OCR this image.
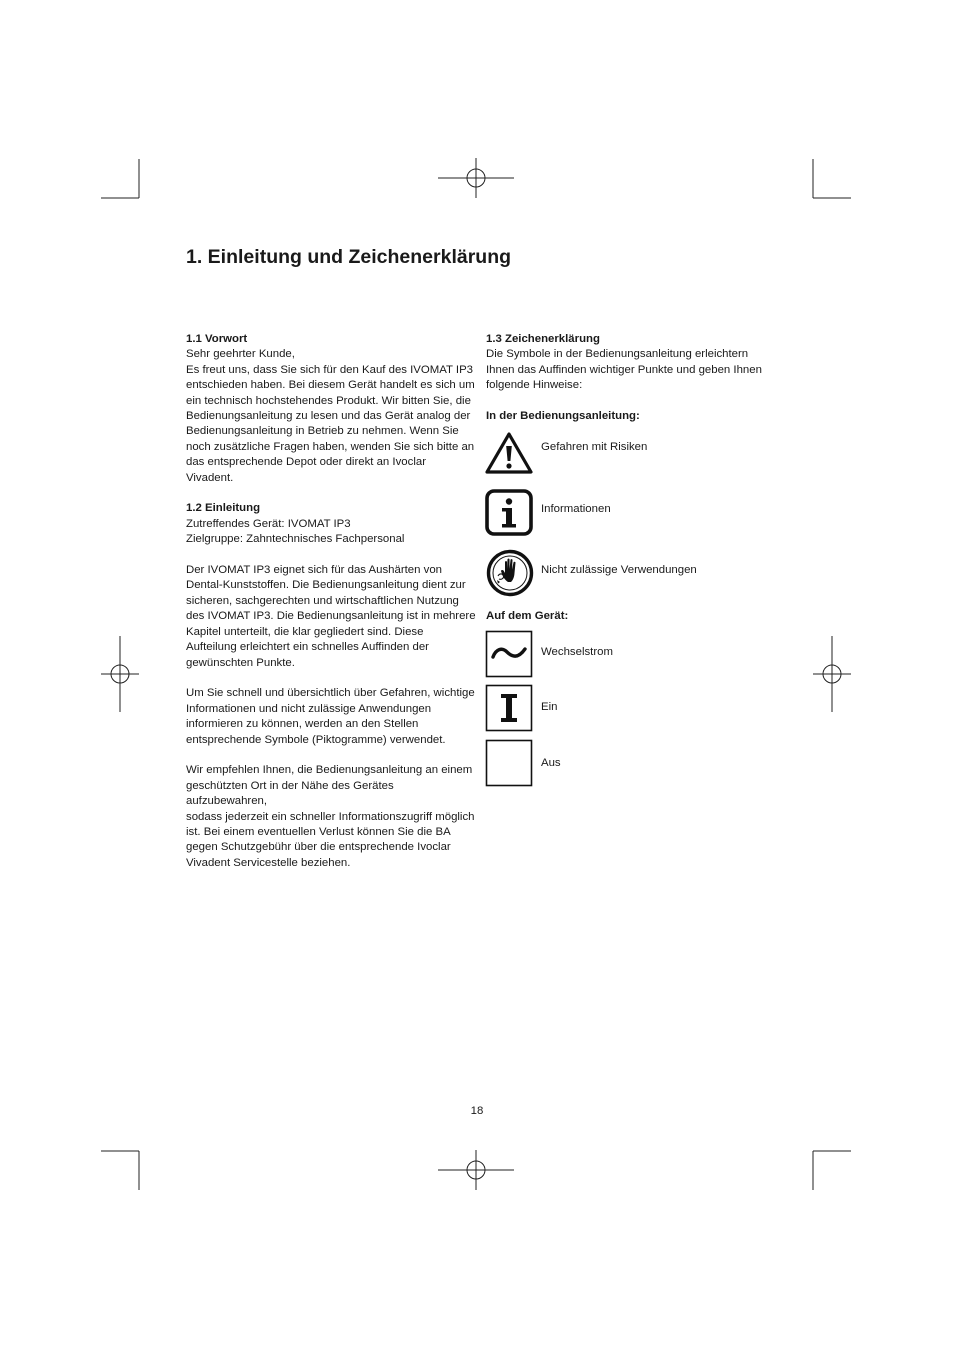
1. Einleitung und Zeichenerklärung

1.1 Vorwort

Sehr geehrter Kunde,

Es freut uns, dass Sie sich für den Kauf des IVOMAT IP3

entschieden haben. Bei diesem Gerät handelt es sich um

ein technisch hochstehendes Produkt. Wir bitten Sie, die

Bedienungsanleitung zu lesen und das Gerät analog der

Bedienungsanleitung in Betrieb zu nehmen. Wenn Sie

noch zusätzliche Fragen haben, wenden Sie sich bitte an

das entsprechende Depot oder direkt an Ivoclar Vivadent.

1.2 Einleitung

Zutreffendes Gerät: IVOMAT IP3

Zielgruppe: Zahntechnisches Fachpersonal

Der IVOMAT IP3 eignet sich für das Aushärten von

Dental-Kunststoffen. Die Bedienungsanleitung dient zur

sicheren, sachgerechten und wirtschaftlichen Nutzung

des IVOMAT IP3. Die Bedienungsanleitung ist in mehrere

Kapitel unterteilt, die klar gegliedert sind. Diese

Aufteilung erleichtert ein schnelles Auffinden der

gewünschten Punkte.

Um Sie schnell und übersichtlich über Gefahren, wichtige

Informationen und nicht zulässige Anwendungen

informieren zu können, werden an den Stellen

entsprechende Symbole (Piktogramme) verwendet.

Wir empfehlen Ihnen, die Bedienungsanleitung an einem

geschützten Ort in der Nähe des Gerätes aufzubewahren,

sodass jederzeit ein schneller Informationszugriff möglich

ist. Bei einem eventuellen Verlust können Sie die BA

gegen Schutzgebühr über die entsprechende Ivoclar

Vivadent Servicestelle beziehen.

1.3 Zeichenerklärung

Die Symbole in der Bedienungsanleitung erleichtern

Ihnen das Auffinden wichtiger Punkte und geben Ihnen

folgende Hinweise:

In der Bedienungsanleitung:
Gefahren mit Risiken
Informationen
Nicht zulässige Verwendungen
Auf dem Gerät:
Wechselstrom
Ein
Aus
18
